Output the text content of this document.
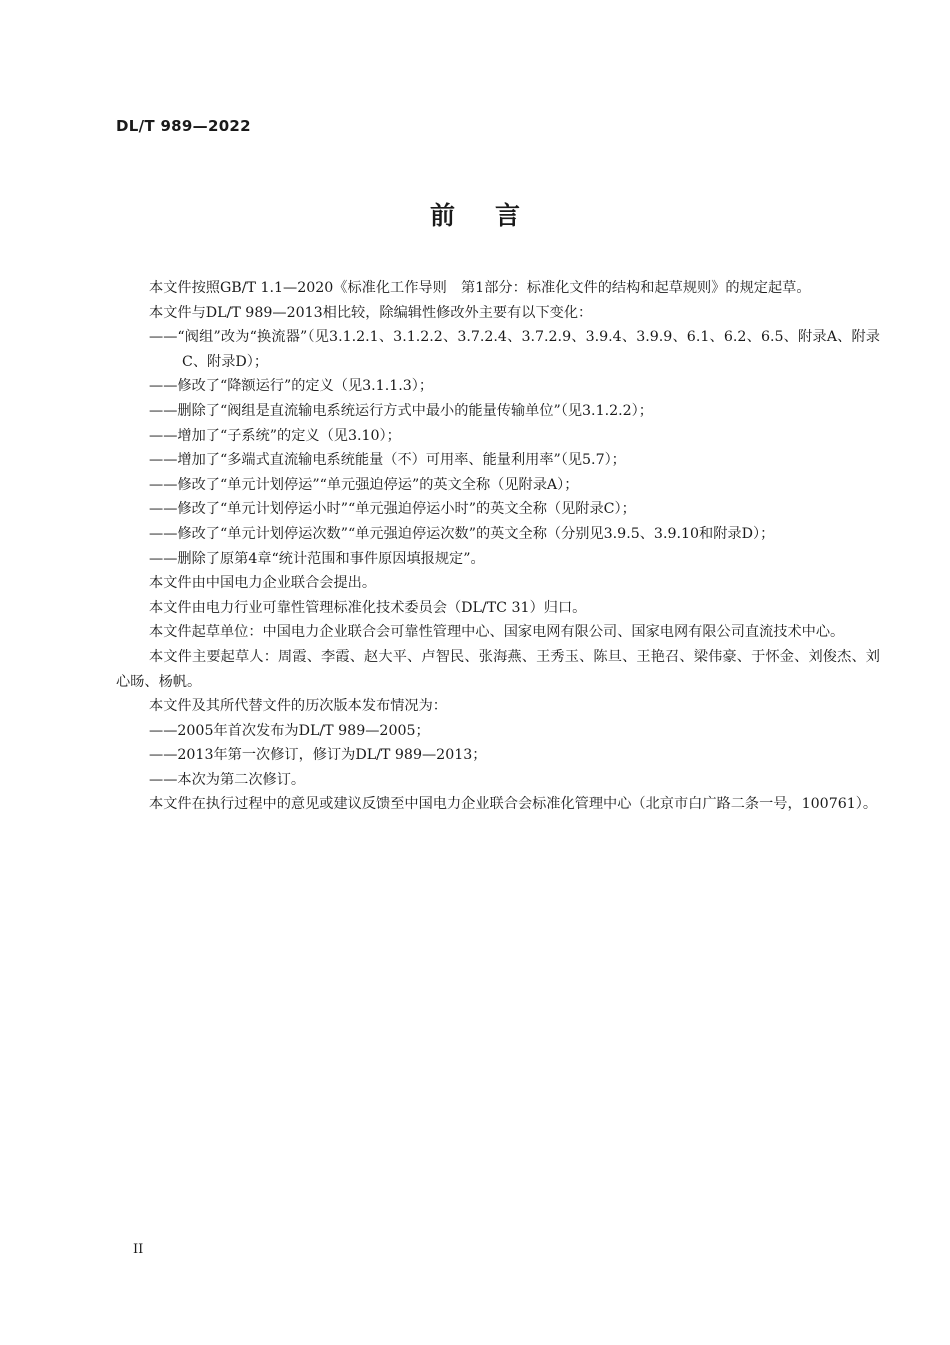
DL/T 989—2022
前言

本文件按照GB/T 1.1—2020《标准化工作导则　第1部分：标准化文件的结构和起草规则》的规定起草。

本文件与DL/T 989—2013相比较，除编辑性修改外主要有以下变化：

——“阀组”改为“换流器”（见3.1.2.1、3.1.2.2、3.7.2.4、3.7.2.9、3.9.4、3.9.9、6.1、6.2、6.5、附录A、附录C、附录D）；

——修改了“降额运行”的定义（见3.1.1.3）；

——删除了“阀组是直流输电系统运行方式中最小的能量传输单位”（见3.1.2.2）；

——增加了“子系统”的定义（见3.10）；

——增加了“多端式直流输电系统能量（不）可用率、能量利用率”（见5.7）；

——修改了“单元计划停运”“单元强迫停运”的英文全称（见附录A）；

——修改了“单元计划停运小时”“单元强迫停运小时”的英文全称（见附录C）；

——修改了“单元计划停运次数”“单元强迫停运次数”的英文全称（分别见3.9.5、3.9.10和附录D）；

——删除了原第4章“统计范围和事件原因填报规定”。

本文件由中国电力企业联合会提出。

本文件由电力行业可靠性管理标准化技术委员会（DL/TC 31）归口。

本文件起草单位：中国电力企业联合会可靠性管理中心、国家电网有限公司、国家电网有限公司直流技术中心。

本文件主要起草人：周霞、李霞、赵大平、卢智民、张海燕、王秀玉、陈旦、王艳召、梁伟豪、于怀金、刘俊杰、刘心旸、杨帆。

本文件及其所代替文件的历次版本发布情况为：

——2005年首次发布为DL/T 989—2005；

——2013年第一次修订，修订为DL/T 989—2013；

——本次为第二次修订。

本文件在执行过程中的意见或建议反馈至中国电力企业联合会标准化管理中心（北京市白广路二条一号，100761）。

II
